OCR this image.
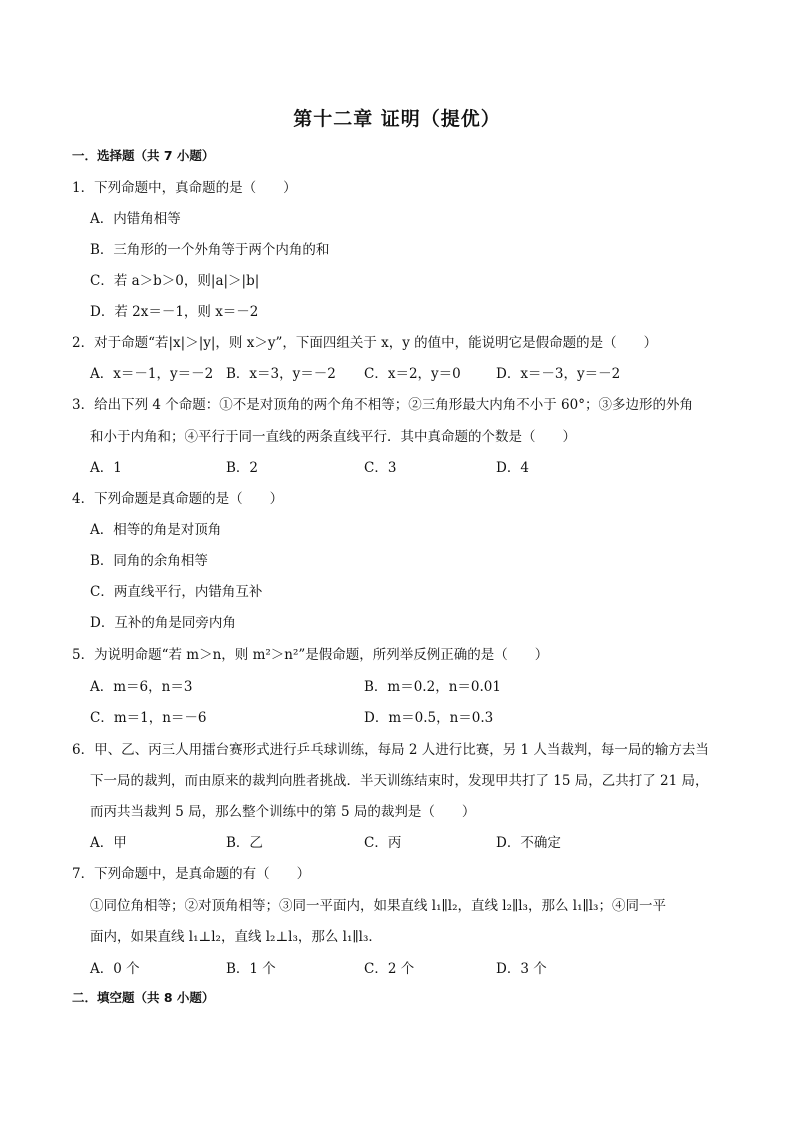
第十二章 证明（提优）
一．选择题（共 7 小题）
1．下列命题中，真命题的是（　　）
A．内错角相等
B．三角形的一个外角等于两个内角的和
C．若 a＞b＞0，则|a|＞|b|
D．若 2x＝－1，则 x＝－2
2．对于命题“若|x|＞|y|，则 x＞y”，下面四组关于 x，y 的值中，能说明它是假命题的是（　　）
A．x＝－1，y＝－2 B．x＝3，y＝－2 C．x＝2，y＝0	D．x＝－3，y＝－2
3．给出下列 4 个命题：①不是对顶角的两个角不相等；②三角形最大内角不小于 60°；③多边形的外角
和小于内角和；④平行于同一直线的两条直线平行．其中真命题的个数是（　　）
A．1	B．2	C．3	D．4
4．下列命题是真命题的是（　　）
A．相等的角是对顶角
B．同角的余角相等
C．两直线平行，内错角互补
D．互补的角是同旁内角
5．为说明命题“若 m＞n，则 m²＞n²”是假命题，所列举反例正确的是（　　）
A．m＝6，n＝3	B．m＝0.2，n＝0.01
C．m＝1，n＝－6	D．m＝0.5，n＝0.3
6．甲、乙、丙三人用擂台赛形式进行乒乓球训练，每局 2 人进行比赛，另 1 人当裁判，每一局的输方去当
下一局的裁判，而由原来的裁判向胜者挑战．半天训练结束时，发现甲共打了 15 局，乙共打了 21 局，
而丙共当裁判 5 局，那么整个训练中的第 5 局的裁判是（　　）
A．甲	B．乙	C．丙	D．不确定
7．下列命题中，是真命题的有（　　）
①同位角相等；②对顶角相等；③同一平面内，如果直线 l₁∥l₂，直线 l₂∥l₃，那么 l₁∥l₃；④同一平
面内，如果直线 l₁⊥l₂，直线 l₂⊥l₃，那么 l₁∥l₃．
A．0 个	B．1 个	C．2 个	D．3 个
二．填空题（共 8 小题）
